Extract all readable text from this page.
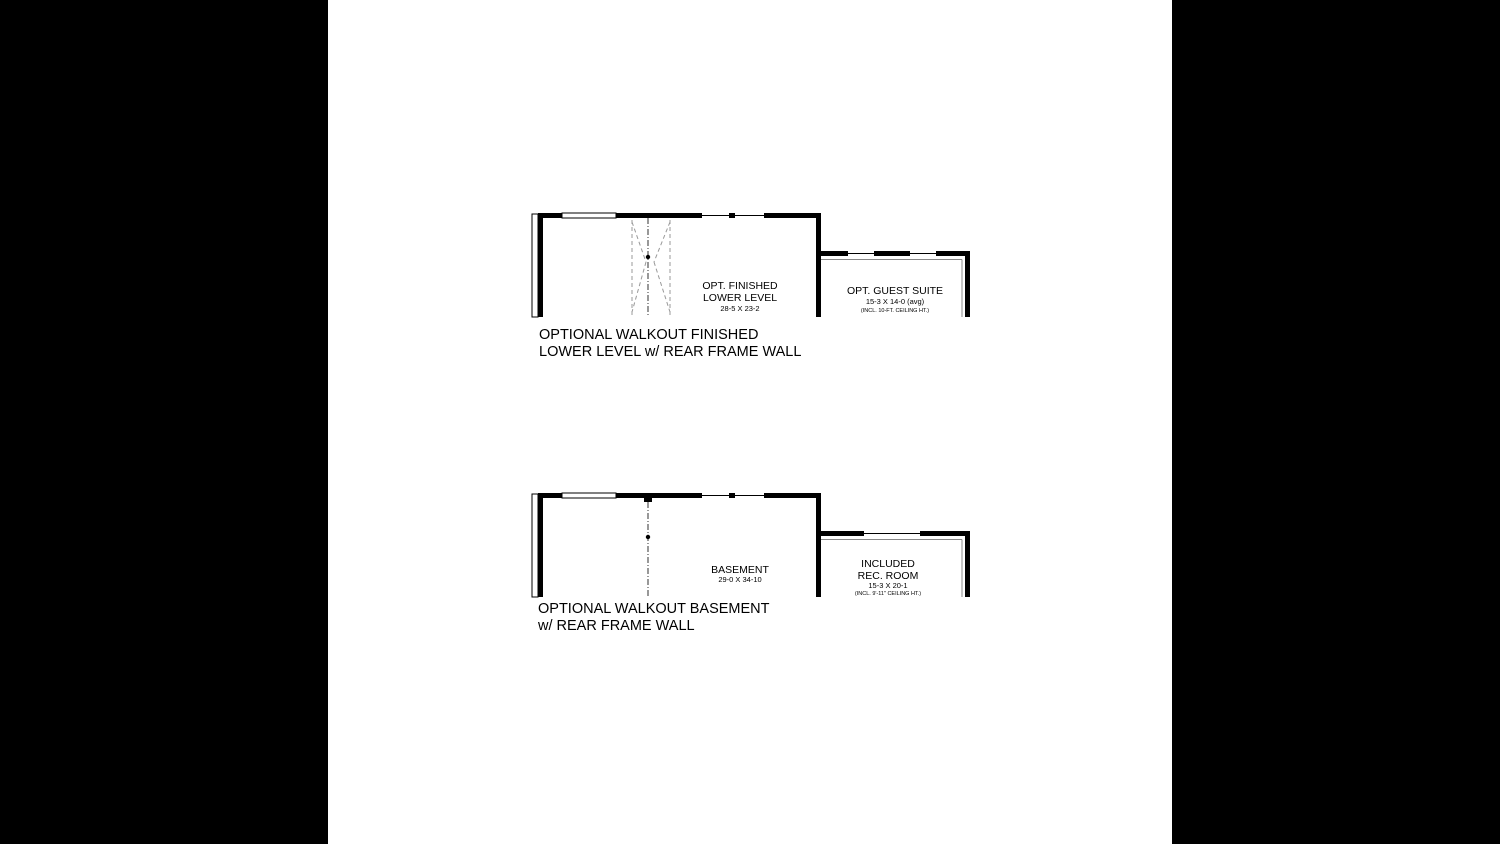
OPT. FINISHED
LOWER LEVEL
28-5 X 23-2
OPT. GUEST SUITE
15-3 X 14-0 (avg)
(INCL. 10-FT. CEILING HT.)
OPTIONAL WALKOUT FINISHED
LOWER LEVEL w/ REAR FRAME WALL
BASEMENT
29-0 X 34-10
INCLUDED
REC. ROOM
15-3 X 20-1
(INCL. 9'-11" CEILING HT.)
OPTIONAL WALKOUT BASEMENT
w/ REAR FRAME WALL
